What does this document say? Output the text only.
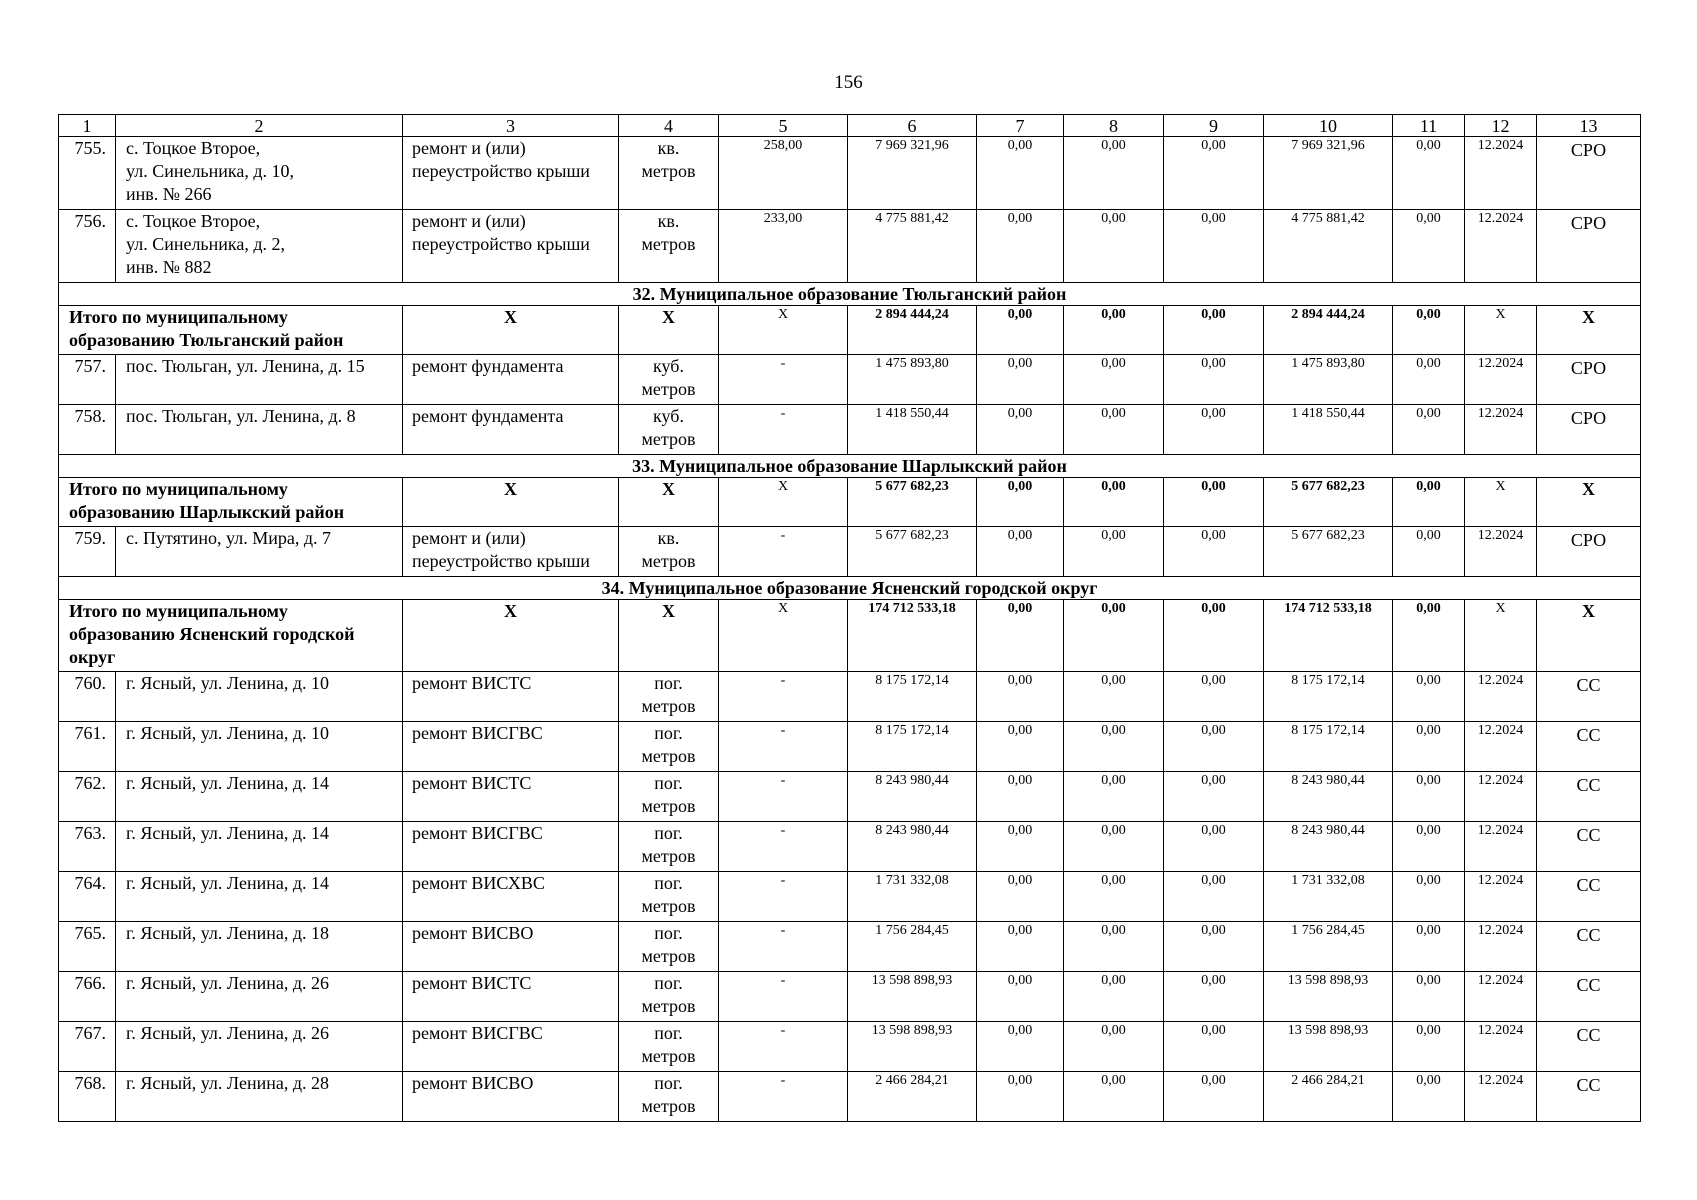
156
1	2	3	4	5	6	7	8	9	10	11	12	13
755.	с. Тоцкое Второе,
ул. Синельника, д. 10,
инв. № 266	ремонт и (или)
переустройство крыши	кв.
метров	258,00	7 969 321,96	0,00	0,00	0,00	7 969 321,96	0,00	12.2024	СРО
756.	с. Тоцкое Второе,
ул. Синельника, д. 2,
инв. № 882	ремонт и (или)
переустройство крыши	кв.
метров	233,00	4 775 881,42	0,00	0,00	0,00	4 775 881,42	0,00	12.2024	СРО
32. Муниципальное образование Тюльганский район												
Итого по муниципальному
образованию Тюльганский район		Х	Х	Х	2 894 444,24	0,00	0,00	0,00	2 894 444,24	0,00	Х	Х
757.	пос. Тюльган, ул. Ленина, д. 15	ремонт фундамента	куб.
метров	-	1 475 893,80	0,00	0,00	0,00	1 475 893,80	0,00	12.2024	СРО
758.	пос. Тюльган, ул. Ленина, д. 8	ремонт фундамента	куб.
метров	-	1 418 550,44	0,00	0,00	0,00	1 418 550,44	0,00	12.2024	СРО
33. Муниципальное образование Шарлыкский район												
Итого по муниципальному
образованию Шарлыкский район		Х	Х	Х	5 677 682,23	0,00	0,00	0,00	5 677 682,23	0,00	Х	Х
759.	с. Путятино, ул. Мира, д. 7	ремонт и (или)
переустройство крыши	кв.
метров	-	5 677 682,23	0,00	0,00	0,00	5 677 682,23	0,00	12.2024	СРО
34. Муниципальное образование Ясненский городской округ												
Итого по муниципальному
образованию Ясненский городской
округ		Х	Х	Х	174 712 533,18	0,00	0,00	0,00	174 712 533,18	0,00	Х	Х
760.	г. Ясный, ул. Ленина, д. 10	ремонт ВИСТС	пог.
метров	-	8 175 172,14	0,00	0,00	0,00	8 175 172,14	0,00	12.2024	СС
761.	г. Ясный, ул. Ленина, д. 10	ремонт ВИСГВС	пог.
метров	-	8 175 172,14	0,00	0,00	0,00	8 175 172,14	0,00	12.2024	СС
762.	г. Ясный, ул. Ленина, д. 14	ремонт ВИСТС	пог.
метров	-	8 243 980,44	0,00	0,00	0,00	8 243 980,44	0,00	12.2024	СС
763.	г. Ясный, ул. Ленина, д. 14	ремонт ВИСГВС	пог.
метров	-	8 243 980,44	0,00	0,00	0,00	8 243 980,44	0,00	12.2024	СС
764.	г. Ясный, ул. Ленина, д. 14	ремонт ВИСХВС	пог.
метров	-	1 731 332,08	0,00	0,00	0,00	1 731 332,08	0,00	12.2024	СС
765.	г. Ясный, ул. Ленина, д. 18	ремонт ВИСВО	пог.
метров	-	1 756 284,45	0,00	0,00	0,00	1 756 284,45	0,00	12.2024	СС
766.	г. Ясный, ул. Ленина, д. 26	ремонт ВИСТС	пог.
метров	-	13 598 898,93	0,00	0,00	0,00	13 598 898,93	0,00	12.2024	СС
767.	г. Ясный, ул. Ленина, д. 26	ремонт ВИСГВС	пог.
метров	-	13 598 898,93	0,00	0,00	0,00	13 598 898,93	0,00	12.2024	СС
768.	г. Ясный, ул. Ленина, д. 28	ремонт ВИСВО	пог.
метров	-	2 466 284,21	0,00	0,00	0,00	2 466 284,21	0,00	12.2024	СС
